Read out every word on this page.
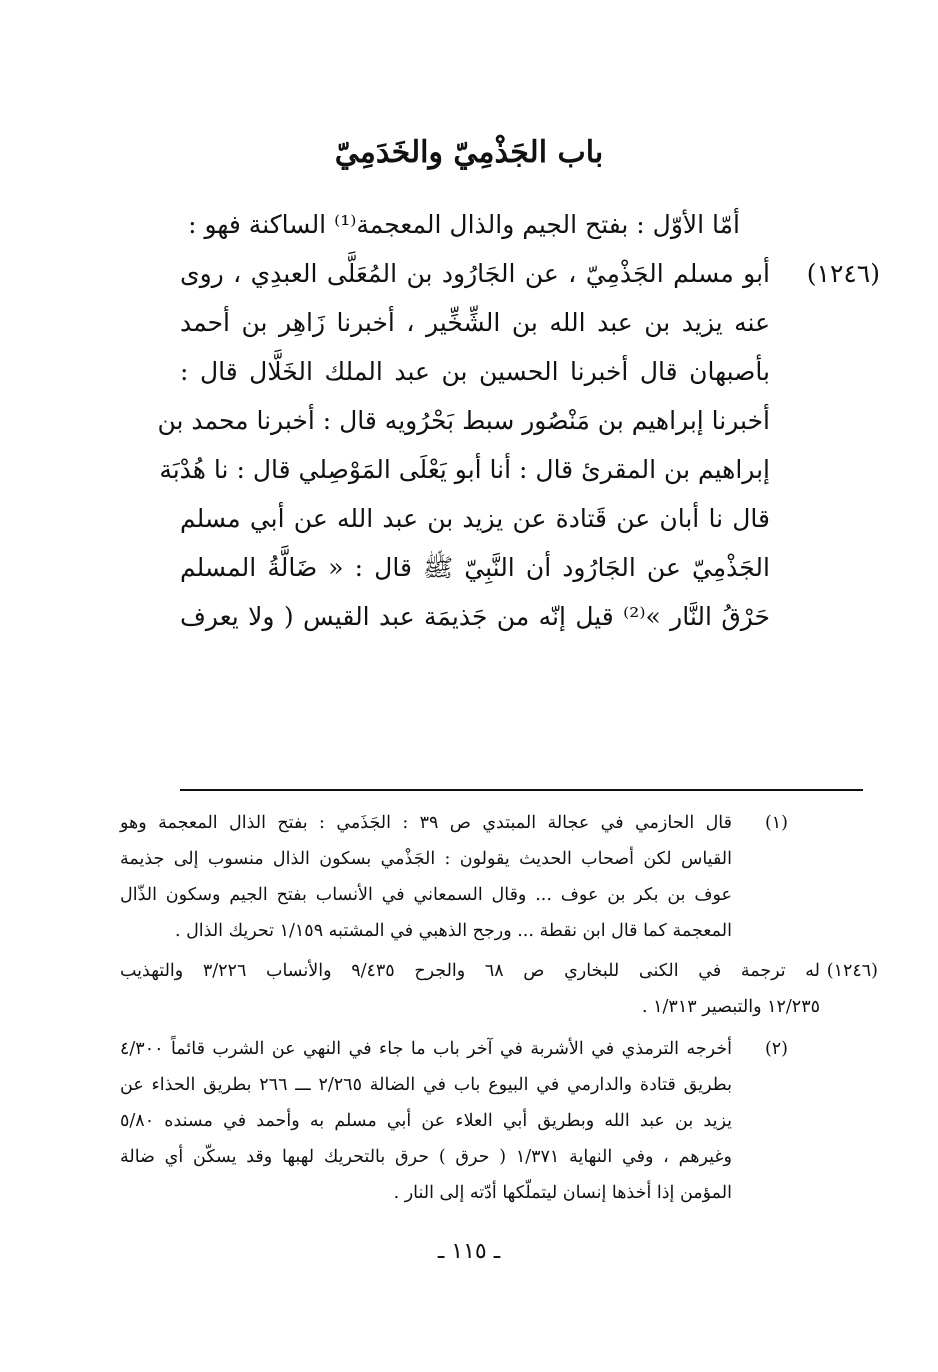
باب الجَذْمِيّ والخَدَمِيّ
(١٢٤٦)
أمّا الأوّل : بفتح الجيم والذال المعجمة⁽¹⁾ الساكنة فهو :
أبو مسلم الجَذْمِيّ ، عن الجَارُود بن المُعَلَّى العبدِي ، روى
عنه يزيد بن عبد الله بن الشِّخِّير ، أخبرنا زَاهِر بن أحمد
بأصبهان قال أخبرنا الحسين بن عبد الملك الخَلَّال قال :
أخبرنا إبراهيم بن مَنْصُور سبط بَحْرُويه قال : أخبرنا محمد بن
إبراهيم بن المقرئ قال : أنا أبو يَعْلَى المَوْصِلي قال : نا هُدْبَة
قال نا أبان عن قَتادة عن يزيد بن عبد الله عن أبي مسلم
الجَذْمِيّ عن الجَارُود أن النَّبِيّ ﷺ قال : « ضَالَّةُ المسلم
حَرْقُ النَّار »⁽²⁾ قيل إنّه من جَذيمَة عبد القيس ( ولا يعرف
(١)
قال الحازمي في عجالة المبتدي ص ٣٩ : الجَذَمي : بفتح الذال المعجمة وهو
القياس لكن أصحاب الحديث يقولون : الجَذْمي بسكون الذال منسوب إلى جذيمة
عوف بن بكر بن عوف ... وقال السمعاني في الأنساب بفتح الجيم وسكون الذّال
المعجمة كما قال ابن نقطة ... ورجح الذهبي في المشتبه ١/١٥٩ تحريك الذال .
(١٢٤٦)
له ترجمة في الكنى للبخاري ص ٦٨ والجرح ٩/٤٣٥ والأنساب ٣/٢٢٦ والتهذيب
١٢/٢٣٥ والتبصير ١/٣١٣ .
(٢)
أخرجه الترمذي في الأشربة في آخر باب ما جاء في النهي عن الشرب قائماً ٤/٣٠٠
بطريق قتادة والدارمي في البيوع باب في الضالة ٢/٢٦٥ ـــ ٢٦٦ بطريق الحذاء عن
يزيد بن عبد الله وبطريق أبي العلاء عن أبي مسلم به وأحمد في مسنده ٥/٨٠
وغيرهم ، وفي النهاية ١/٣٧١ ( حرق ) حرق بالتحريك لهبها وقد يسكّن أي ضالة
المؤمن إذا أخذها إنسان ليتملّكها أدّته إلى النار .
ـ ١١٥ ـ
